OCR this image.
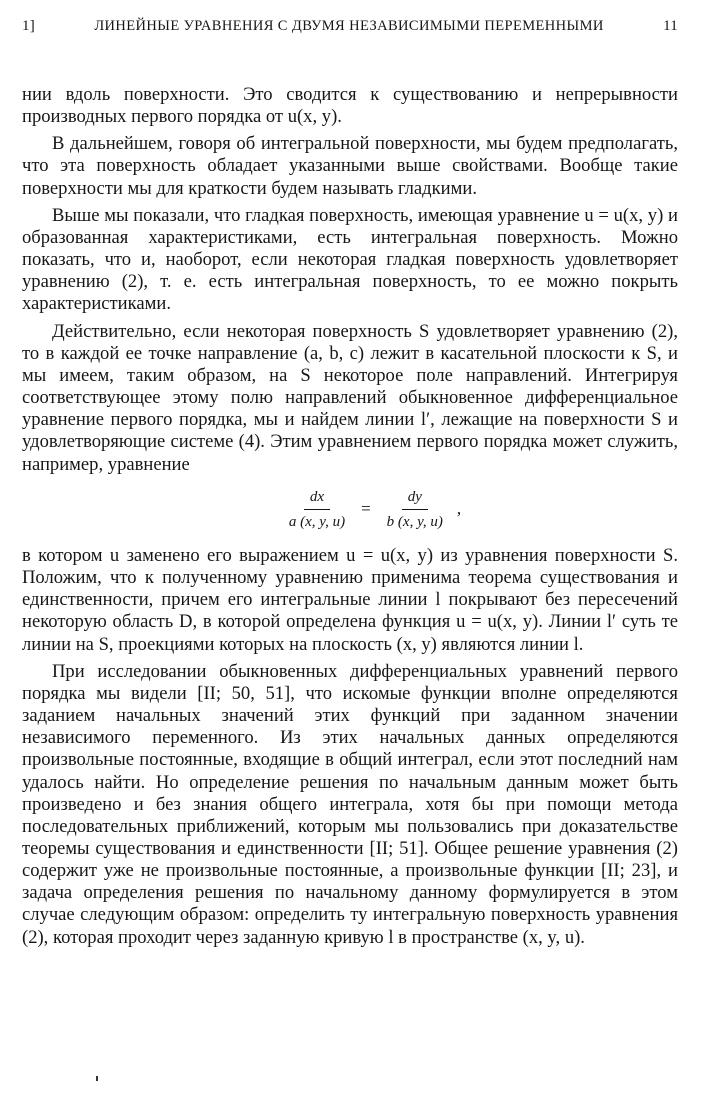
1]	ЛИНЕЙНЫЕ УРАВНЕНИЯ С ДВУМЯ НЕЗАВИСИМЫМИ ПЕРЕМЕННЫМИ	11

нии вдоль поверхности. Это сводится к существованию и непрерывности производных первого порядка от u(x, y).

В дальнейшем, говоря об интегральной поверхности, мы будем предполагать, что эта поверхность обладает указанными выше свойствами. Вообще такие поверхности мы для краткости будем называть гладкими.

Выше мы показали, что гладкая поверхность, имеющая уравнение u = u(x, y) и образованная характеристиками, есть интегральная поверхность. Можно показать, что и, наоборот, если некоторая гладкая поверхность удовлетворяет уравнению (2), т. е. есть интегральная поверхность, то ее можно покрыть характеристиками.

Действительно, если некоторая поверхность S удовлетворяет уравнению (2), то в каждой ее точке направление (a, b, c) лежит в касательной плоскости к S, и мы имеем, таким образом, на S некоторое поле направлений. Интегрируя соответствующее этому полю направлений обыкновенное дифференциальное уравнение первого порядка, мы и найдем линии l′, лежащие на поверхности S и удовлетворяющие системе (4). Этим уравнением первого порядка может служить, например, уравнение

$\frac{dx}{a (x, y, u)} = \frac{dy}{b (x, y, u)}$ ,

в котором u заменено его выражением u = u(x, y) из уравнения поверхности S. Положим, что к полученному уравнению применима теорема существования и единственности, причем его интегральные линии l покрывают без пересечений некоторую область D, в которой определена функция u = u(x, y). Линии l′ суть те линии на S, проекциями которых на плоскость (x, y) являются линии l.

При исследовании обыкновенных дифференциальных уравнений первого порядка мы видели [II; 50, 51], что искомые функции вполне определяются заданием начальных значений этих функций при заданном значении независимого переменного. Из этих начальных данных определяются произвольные постоянные, входящие в общий интеграл, если этот последний нам удалось найти. Но определение решения по начальным данным может быть произведено и без знания общего интеграла, хотя бы при помощи метода последовательных приближений, которым мы пользовались при доказательстве теоремы существования и единственности [II; 51]. Общее решение уравнения (2) содержит уже не произвольные постоянные, а произвольные функции [II; 23], и задача определения решения по начальному данному формулируется в этом случае следующим образом: определить ту интегральную поверхность уравнения (2), которая проходит через заданную кривую l в пространстве (x, y, u).
